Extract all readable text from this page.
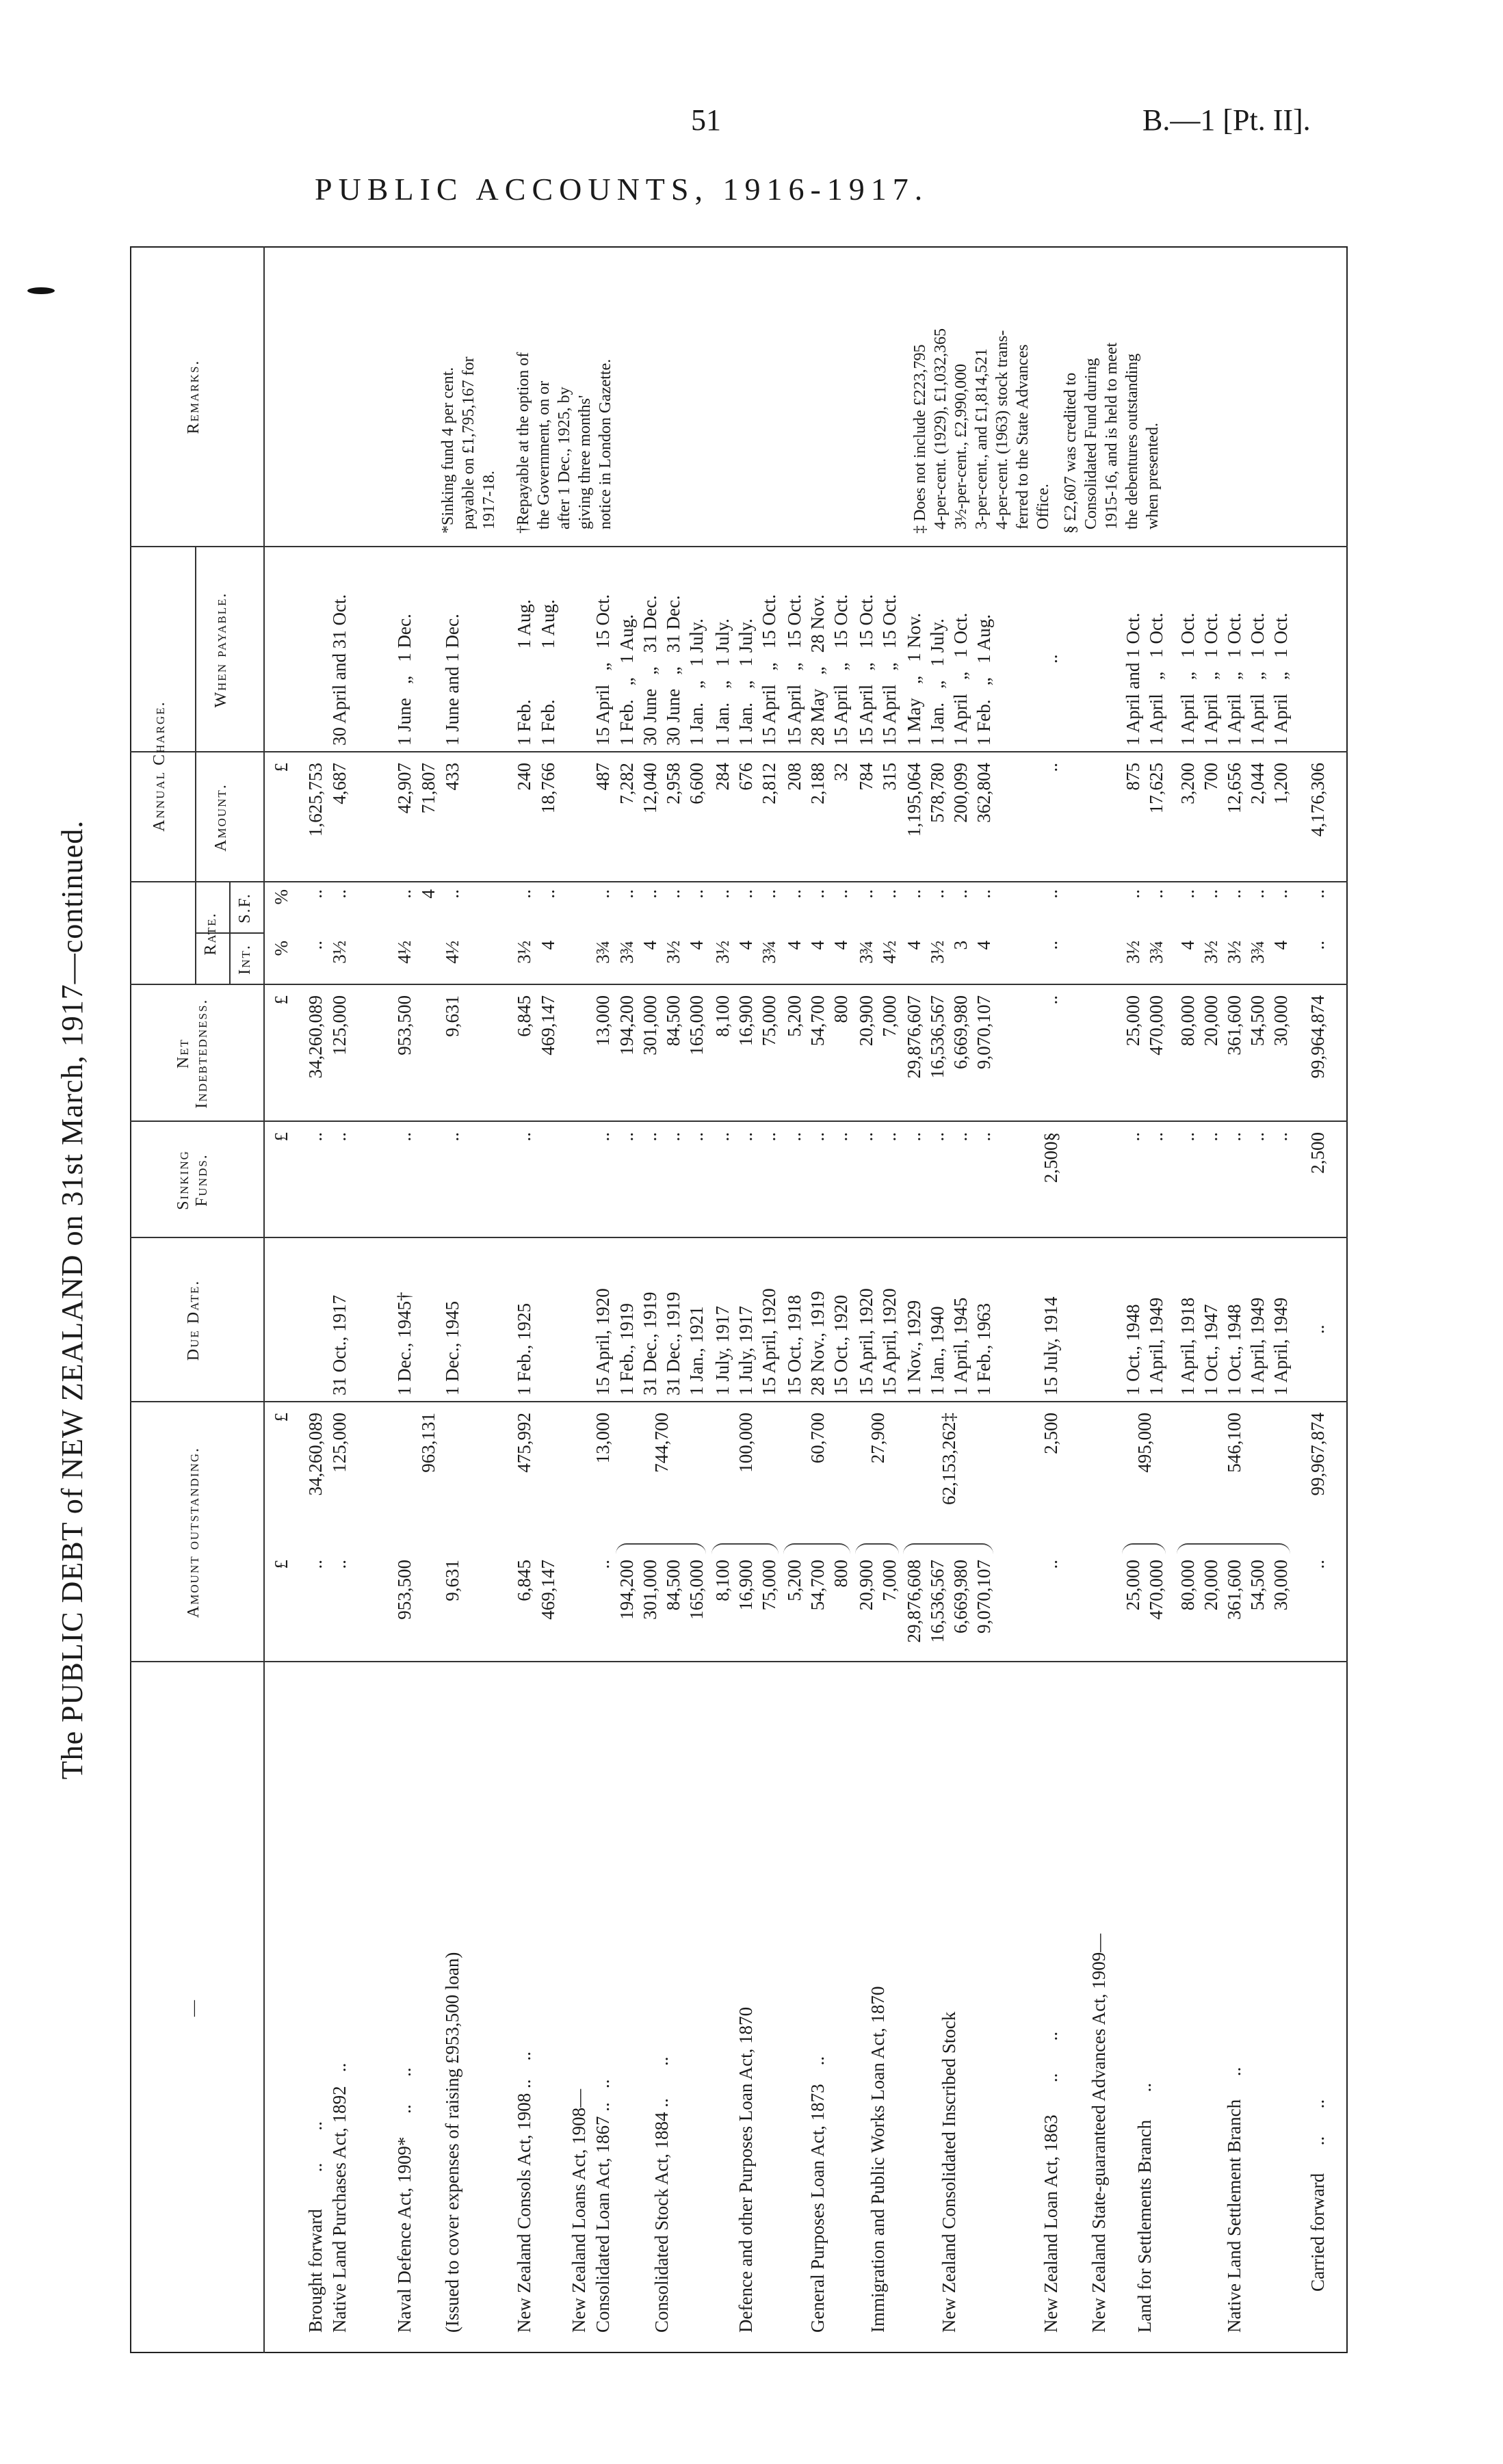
51	B.—1 [Pt. II].
PUBLIC ACCOUNTS, 1916-1917.
The PUBLIC DEBT of NEW ZEALAND on 31st March, 1917—continued.
—
Amount outstanding.
Due Date.
Sinking Funds.
Net Indebtedness.
Annual Charge.
Rate.
Int.
S.F.
Amount.
When payable.
Remarks.
£
£
£
£
%
%
£
*Sinking fund 4 per cent.
payable on £1,795,167 for
1917-18. †Repayable at the option of
the Government, on or
after 1 Dec., 1925, by
giving three months'
notice in London Gazette.
‡ Does not include £223,795
4-per-cent. (1929), £1,032,365
3½-per-cent., £2,990,000
3-per-cent., and £1,814,521
4-per-cent. (1963) stock trans-
ferred to the State Advances
Office. § £2,607 was credited to
Consolidated Fund during
1915-16, and is held to meet
the debentures outstanding
when presented.
Brought forward        ..       ..
..
34,260,089
..
34,260,089
..
..
1,625,753
Native Land Purchases Act, 1892   ..
..
125,000
31 Oct., 1917
..
125,000
3½
..
4,687
30 April and 31 Oct.
Naval Defence Act, 1909*     ..      ..
953,500
1 Dec., 1945†
..
953,500
4½
..
42,907
1 June   „   1 Dec.
963,131
4
71,807
(Issued to cover expenses of raising £953,500 loan)
9,631
1 Dec., 1945
..
9,631
4½
..
433
1 June and 1 Dec.
New Zealand Consols Act, 1908 ..    ..
6,845
475,992
1 Feb., 1925
..
6,845
3½
..
240
1 Feb.           1 Aug.
469,147
469,147
4
..
18,766
1 Feb.           1 Aug.
New Zealand Loans Act, 1908— Consolidated Loan Act, 1867 ..   ..
..
13,000
15 April, 1920
..
13,000
3¾
..
487
15 April   „   15 Oct.
Consolidated Stock Act, 1884 ..       ..
194,200 301,000 84,500 165,000
744,700
1 Feb., 1919 31 Dec., 1919 31 Dec., 1919 1 Jan., 1921
.. .. .. ..
194,200 301,000 84,500 165,000
3¾ 4 3½ 4
.. .. .. ..
7,282 12,040 2,958 6,600
1 Feb.   „   1 Aug. 30 June   „   31 Dec. 30 June   „   31 Dec. 1 Jan.   „   1 July.
Defence and other Purposes Loan Act, 1870
8,100 16,900 75,000
100,000
1 July, 1917 1 July, 1917 15 April, 1920
.. .. ..
8,100 16,900 75,000
3½ 4 3¾
.. .. ..
284 676 2,812
1 Jan.   „   1 July. 1 Jan.   „   1 July. 15 April   „   15 Oct.
General Purposes Loan Act, 1873    ..
5,200 54,700 800
60,700
15 Oct., 1918 28 Nov., 1919 15 Oct., 1920
.. .. ..
5,200 54,700 800
4 4 4
.. .. ..
208 2,188 32
15 April   „   15 Oct. 28 May   „   28 Nov. 15 April   „   15 Oct.
Immigration and Public Works Loan Act, 1870
20,900 7,000
27,900
15 April, 1920 15 April, 1920
.. ..
20,900 7,000
3¾ 4½
.. ..
784 315
15 April   „   15 Oct. 15 April   „   15 Oct.
New Zealand Consolidated Inscribed Stock
29,876,608 16,536,567 6,669,980 9,070,107
62,153,262‡
1 Nov., 1929 1 Jan., 1940 1 April, 1945 1 Feb., 1963
.. .. .. ..
29,876,607 16,536,567 6,669,980 9,070,107
4 3½ 3 4
.. .. .. ..
1,195,064 578,780 200,099 362,804
1 May   „   1 Nov. 1 Jan.   „   1 July. 1 April   „   1 Oct. 1 Feb.   „   1 Aug.
New Zealand Loan Act, 1863       ..       ..
..
2,500
15 July, 1914
2,500§
..
..
..
..
..
New Zealand State-guaranteed Advances Act, 1909— Land for Settlements Branch      ..
25,000 470,000
495,000
1 Oct., 1948 1 April, 1949
.. ..
25,000 470,000
3½ 3¾
.. ..
875 17,625
1 April and 1 Oct. 1 April   „   1 Oct.
Native Land Settlement Branch     ..
80,000 20,000 361,600 54,500 30,000
546,100
1 April, 1918 1 Oct., 1947 1 Oct., 1948 1 April, 1949 1 April, 1949
.. .. .. .. ..
80,000 20,000 361,600 54,500 30,000
4 3½ 3½ 3¾ 4
.. .. .. .. ..
3,200 700 12,656 2,044 1,200
1 April   „   1 Oct. 1 April   „   1 Oct. 1 April   „   1 Oct. 1 April   „   1 Oct. 1 April   „   1 Oct.
Carried forward      ..      ..
..
99,967,874
..
2,500
99,964,874
..
..
4,176,306
